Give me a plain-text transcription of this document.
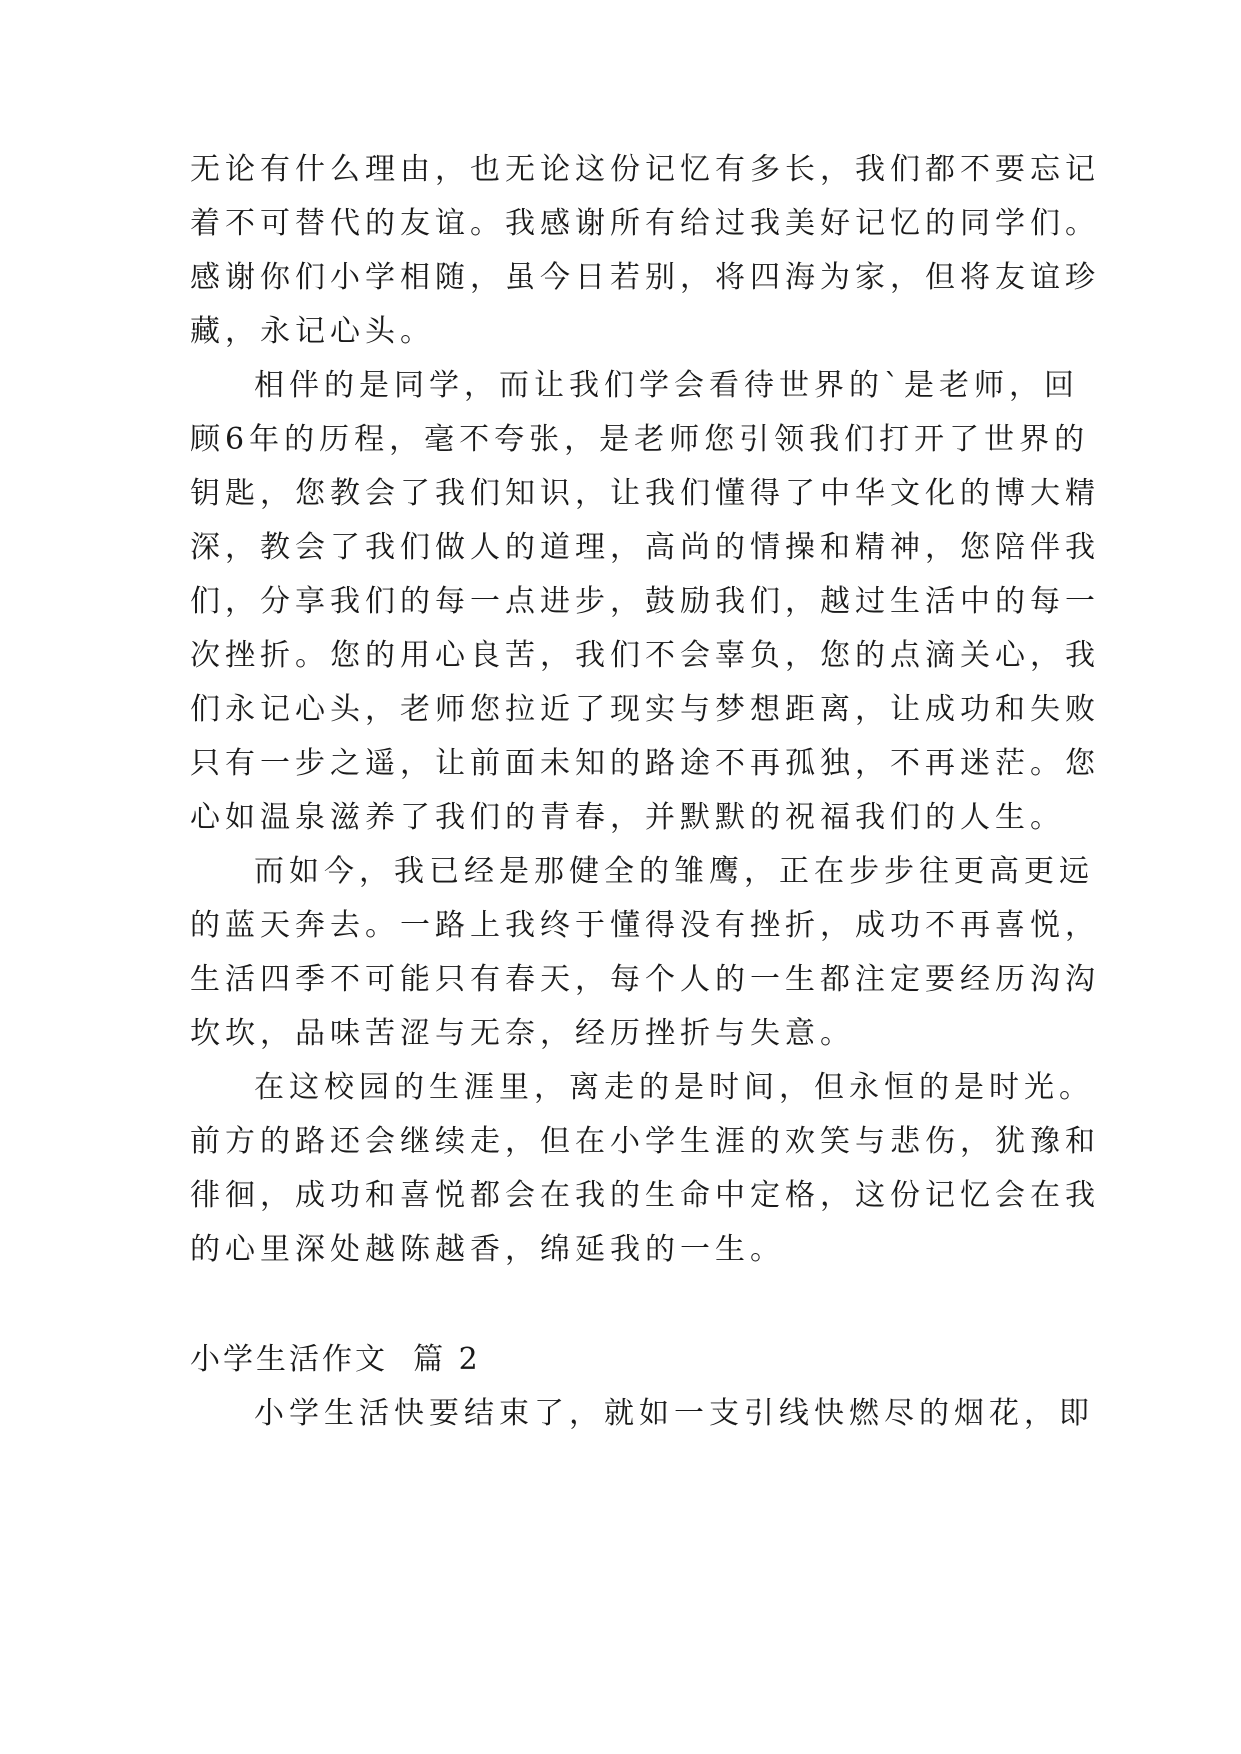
无论有什么理由，也无论这份记忆有多长，我们都不要忘记
着不可替代的友谊。我感谢所有给过我美好记忆的同学们。
感谢你们小学相随，虽今日若别，将四海为家，但将友谊珍
藏，永记心头。
相伴的是同学，而让我们学会看待世界的`是老师，回
顾6年的历程，毫不夸张，是老师您引领我们打开了世界的
钥匙，您教会了我们知识，让我们懂得了中华文化的博大精
深，教会了我们做人的道理，高尚的情操和精神，您陪伴我
们，分享我们的每一点进步，鼓励我们，越过生活中的每一
次挫折。您的用心良苦，我们不会辜负，您的点滴关心，我
们永记心头，老师您拉近了现实与梦想距离，让成功和失败
只有一步之遥，让前面未知的路途不再孤独，不再迷茫。您
心如温泉滋养了我们的青春，并默默的祝福我们的人生。
而如今，我已经是那健全的雏鹰，正在步步往更高更远
的蓝天奔去。一路上我终于懂得没有挫折，成功不再喜悦，
生活四季不可能只有春天，每个人的一生都注定要经历沟沟
坎坎，品味苦涩与无奈，经历挫折与失意。
在这校园的生涯里，离走的是时间，但永恒的是时光。
前方的路还会继续走，但在小学生涯的欢笑与悲伤，犹豫和
徘徊，成功和喜悦都会在我的生命中定格，这份记忆会在我
的心里深处越陈越香，绵延我的一生。
小学生活作文  篇 2
小学生活快要结束了，就如一支引线快燃尽的烟花，即
